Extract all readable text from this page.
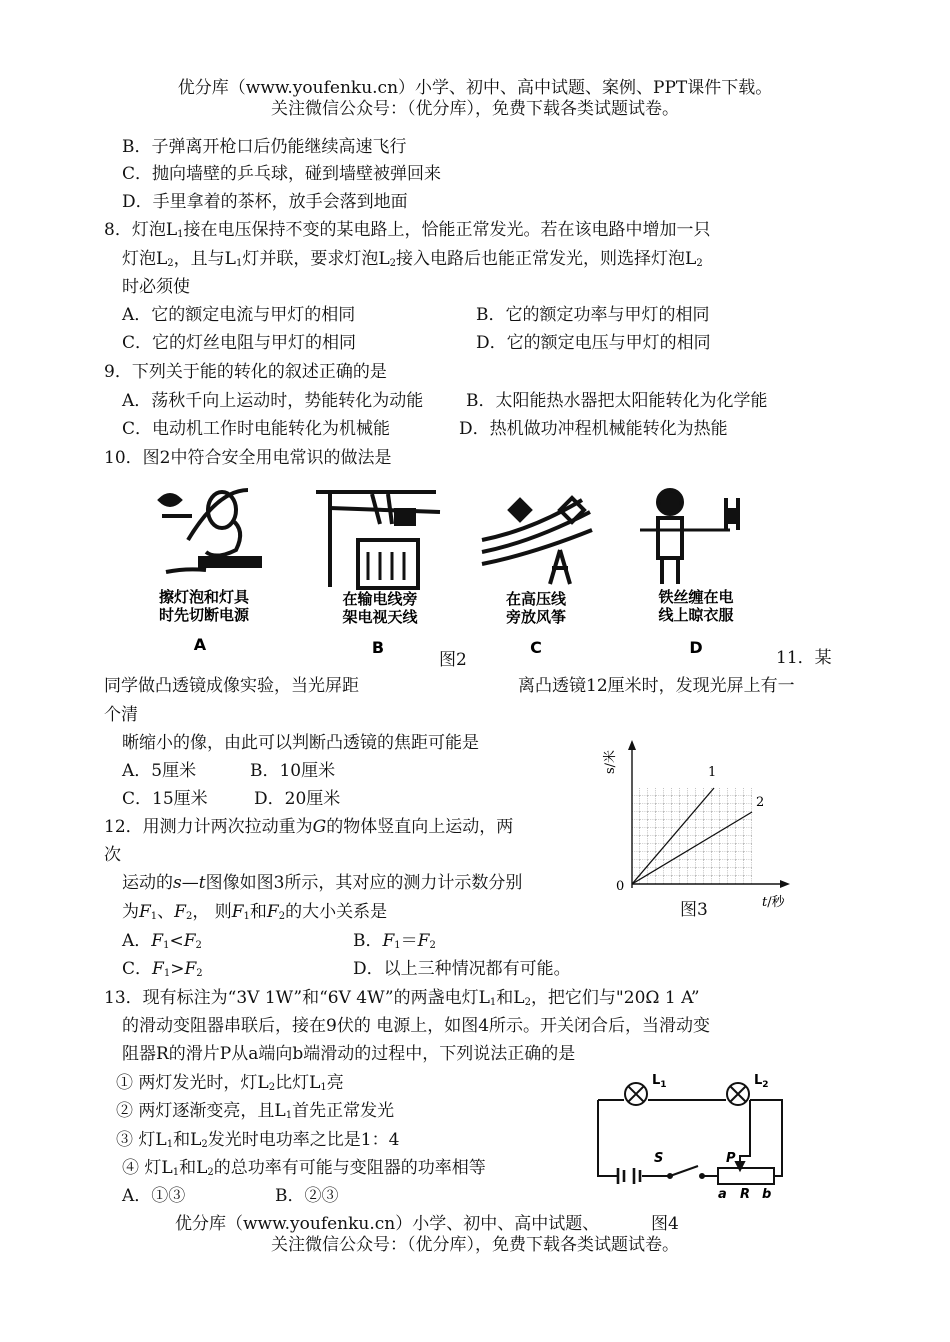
优分库（www.youfenku.cn）小学、初中、高中试题、案例、PPT课件下载。
关注微信公众号：（优分库），免费下载各类试题试卷。
B．子弹离开枪口后仍能继续高速飞行
C．抛向墙壁的乒乓球，碰到墙壁被弹回来
D．手里拿着的茶杯，放手会落到地面
8．灯泡$L_1$接在电压保持不变的某电路上，恰能正常发光。若在该电路中增加一只
灯泡$L_2$，且与$L_1$灯并联，要求灯泡$L_2$接入电路后也能正常发光，则选择灯泡$L_2$
时必须使
A．它的额定电流与甲灯的相同	B．它的额定功率与甲灯的相同
C．它的灯丝电阻与甲灯的相同	D．它的额定电压与甲灯的相同
9．下列关于能的转化的叙述正确的是
A．荡秋千向上运动时，势能转化为动能	B．太阳能热水器把太阳能转化为化学能
C．电动机工作时电能转化为机械能	D．热机做功冲程机械能转化为热能
10．图2中符合安全用电常识的做法是
擦灯泡和灯具
时先切断电源
A
在输电线旁
架电视天线
B
在高压线
旁放风筝
C
铁丝缠在电
线上晾衣服
D
图2	11．某
同学做凸透镜成像实验，当光屏距	离凸透镜12厘米时，发现光屏上有一
个清
晰缩小的像，由此可以判断凸透镜的焦距可能是
A．5厘米	B．10厘米
C．15厘米	D．20厘米
1
2
0
s/米
t/秒
图3
12．用测力计两次拉动重为G的物体竖直向上运动，两
次
运动的s—t图像如图3所示，其对应的测力计示数分别
为$F_1$、$F_2$， 则$F_1$和$F_2$的大小关系是
A．$F_1<F_2$	B．$F_1=F_2$
C．$F_1>F_2$	D．以上三种情况都有可能。
13．现有标注为“3V 1W”和“6V 4W”的两盏电灯$L_1$和$L_2$，把它们与"20Ω 1 A”
的滑动变阻器串联后，接在9伏的 电源上，如图4所示。开关闭合后，当滑动变
阻器R的滑片P从a端向b端滑动的过程中，下列说法正确的是
① 两灯发光时，灯$L_2$比灯$L_1$亮
② 两灯逐渐变亮，且$L_1$首先正常发光
③ 灯$L_1$和$L_2$发光时电功率之比是1：4
④ 灯$L_1$和$L_2$的总功率有可能与变阻器的功率相等
A．①③	B．②③
$L_1$	$L_2$
S	P
a R b
优分库（www.youfenku.cn）小学、初中、高中试题、	图4
关注微信公众号：（优分库），免费下载各类试题试卷。
